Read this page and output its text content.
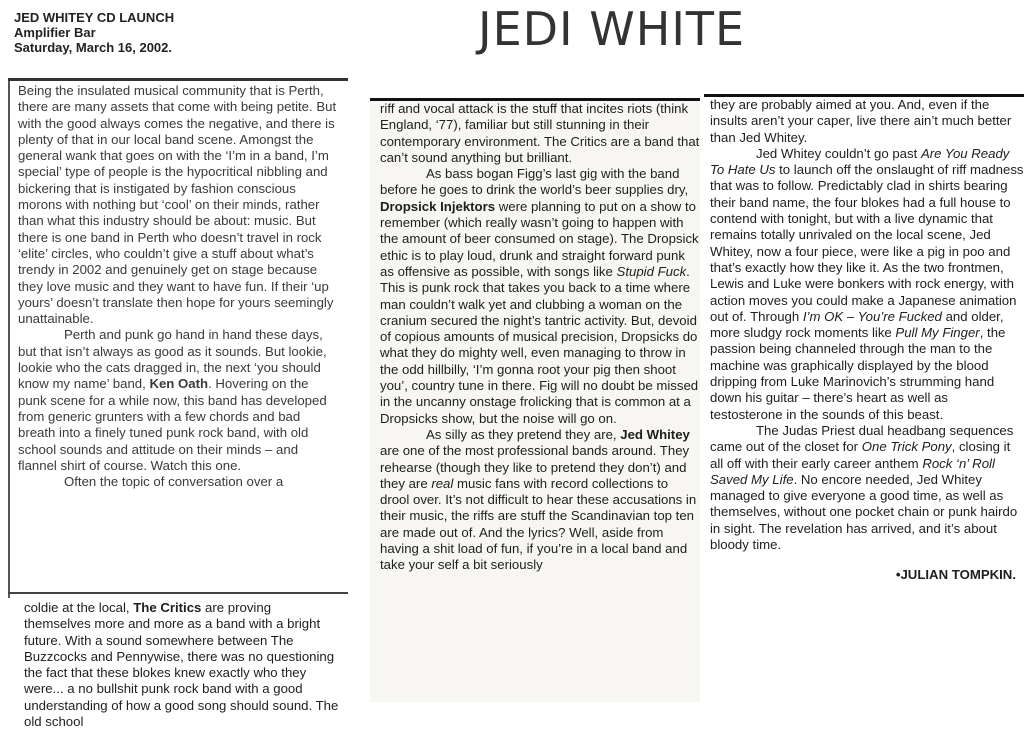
JED WHITEY CD LAUNCH
Amplifier Bar
Saturday, March 16, 2002.	JEDI WHITE

Being the insulated musical community that is Perth, there are many assets that come with being petite. But with the good always comes the negative, and there is plenty of that in our local band scene. Amongst the general wank that goes on with the ‘I’m in a band, I’m special’ type of people is the hypocritical nibbling and bickering that is instigated by fashion conscious morons with nothing but ‘cool’ on their minds, rather than what this industry should be about: music. But there is one band in Perth who doesn’t travel in rock ‘elite’ circles, who couldn’t give a stuff about what’s trendy in 2002 and genuinely get on stage because they love music and they want to have fun. If their ‘up yours’ doesn’t translate then hope for yours seemingly unattainable.

Perth and punk go hand in hand these days, but that isn’t always as good as it sounds. But lookie, lookie who the cats dragged in, the next ‘you should know my name’ band, Ken Oath. Hovering on the punk scene for a while now, this band has developed from generic grunters with a few chords and bad breath into a finely tuned punk rock band, with old school sounds and attitude on their minds – and flannel shirt of course. Watch this one.

Often the topic of conversation over a

coldie at the local, The Critics are proving themselves more and more as a band with a bright future. With a sound somewhere between The Buzzcocks and Pennywise, there was no questioning the fact that these blokes knew exactly who they were... a no bullshit punk rock band with a good understanding of how a good song should sound. The old school

riff and vocal attack is the stuff that incites riots (think England, ‘77), familiar but still stunning in their contemporary environment. The Critics are a band that can’t sound anything but brilliant.

As bass bogan Figg’s last gig with the band before he goes to drink the world’s beer supplies dry, Dropsick Injektors were planning to put on a show to remember (which really wasn’t going to happen with the amount of beer consumed on stage). The Dropsick ethic is to play loud, drunk and straight forward punk as offensive as possible, with songs like Stupid Fuck. This is punk rock that takes you back to a time where man couldn’t walk yet and clubbing a woman on the cranium secured the night’s tantric activity. But, devoid of copious amounts of musical precision, Dropsicks do what they do mighty well, even managing to throw in the odd hillbilly, ‘I’m gonna root your pig then shoot you’, country tune in there. Fig will no doubt be missed in the uncanny onstage frolicking that is common at a Dropsicks show, but the noise will go on.

As silly as they pretend they are, Jed Whitey are one of the most professional bands around. They rehearse (though they like to pretend they don’t) and they are real music fans with record collections to drool over. It’s not difficult to hear these accusations in their music, the riffs are stuff the Scandinavian top ten are made out of. And the lyrics? Well, aside from having a shit load of fun, if you’re in a local band and take your self a bit seriously

they are probably aimed at you. And, even if the insults aren’t your caper, live there ain’t much better than Jed Whitey.

Jed Whitey couldn’t go past Are You Ready To Hate Us to launch off the onslaught of riff madness that was to follow. Predictably clad in shirts bearing their band name, the four blokes had a full house to contend with tonight, but with a live dynamic that remains totally unrivaled on the local scene, Jed Whitey, now a four piece, were like a pig in poo and that’s exactly how they like it. As the two frontmen, Lewis and Luke were bonkers with rock energy, with action moves you could make a Japanese animation out of. Through I’m OK – You’re Fucked and older, more sludgy rock moments like Pull My Finger, the passion being channeled through the man to the machine was graphically displayed by the blood dripping from Luke Marinovich’s strumming hand down his guitar – there’s heart as well as testosterone in the sounds of this beast.

The Judas Priest dual headbang sequences came out of the closet for One Trick Pony, closing it all off with their early career anthem Rock ‘n’ Roll Saved My Life. No encore needed, Jed Whitey managed to give everyone a good time, as well as themselves, without one pocket chain or punk hairdo in sight. The revelation has arrived, and it’s about bloody time.

•JULIAN TOMPKIN.
